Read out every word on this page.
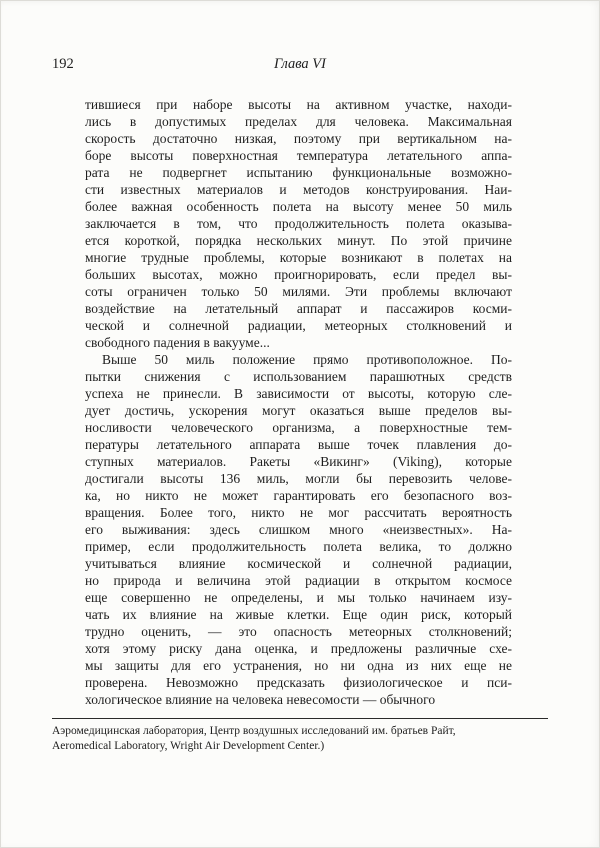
192	Глава VI
тившиеся при наборе высоты на активном участке, находи-
лись в допустимых пределах для человека. Максимальная
скорость достаточно низкая, поэтому при вертикальном на-
боре высоты поверхностная температура летательного аппа-
рата не подвергнет испытанию функциональные возможно-
сти известных материалов и методов конструирования. Наи-
более важная особенность полета на высоту менее 50 миль
заключается в том, что продолжительность полета оказыва-
ется короткой, порядка нескольких минут. По этой причине
многие трудные проблемы, которые возникают в полетах на
больших высотах, можно проигнорировать, если предел вы-
соты ограничен только 50 милями. Эти проблемы включают
воздействие на летательный аппарат и пассажиров косми-
ческой и солнечной радиации, метеорных столкновений и
свободного падения в вакууме...
Выше 50 миль положение прямо противоположное. По-
пытки снижения с использованием парашютных средств
успеха не принесли. В зависимости от высоты, которую сле-
дует достичь, ускорения могут оказаться выше пределов вы-
носливости человеческого организма, а поверхностные тем-
пературы летательного аппарата выше точек плавления до-
ступных материалов. Ракеты «Викинг» (Viking), которые
достигали высоты 136 миль, могли бы перевозить челове-
ка, но никто не может гарантировать его безопасного воз-
вращения. Более того, никто не мог рассчитать вероятность
его выживания: здесь слишком много «неизвестных». На-
пример, если продолжительность полета велика, то должно
учитываться влияние космической и солнечной радиации,
но природа и величина этой радиации в открытом космосе
еще совершенно не определены, и мы только начинаем изу-
чать их влияние на живые клетки. Еще один риск, который
трудно оценить, — это опасность метеорных столкновений;
хотя этому риску дана оценка, и предложены различные схе-
мы защиты для его устранения, но ни одна из них еще не
проверена. Невозможно предсказать физиологическое и пси-
хологическое влияние на человека невесомости — обычного
Аэромедицинская лаборатория, Центр воздушных исследований им. братьев Райт,
Aeromedical Laboratory, Wright Air Development Center.)
